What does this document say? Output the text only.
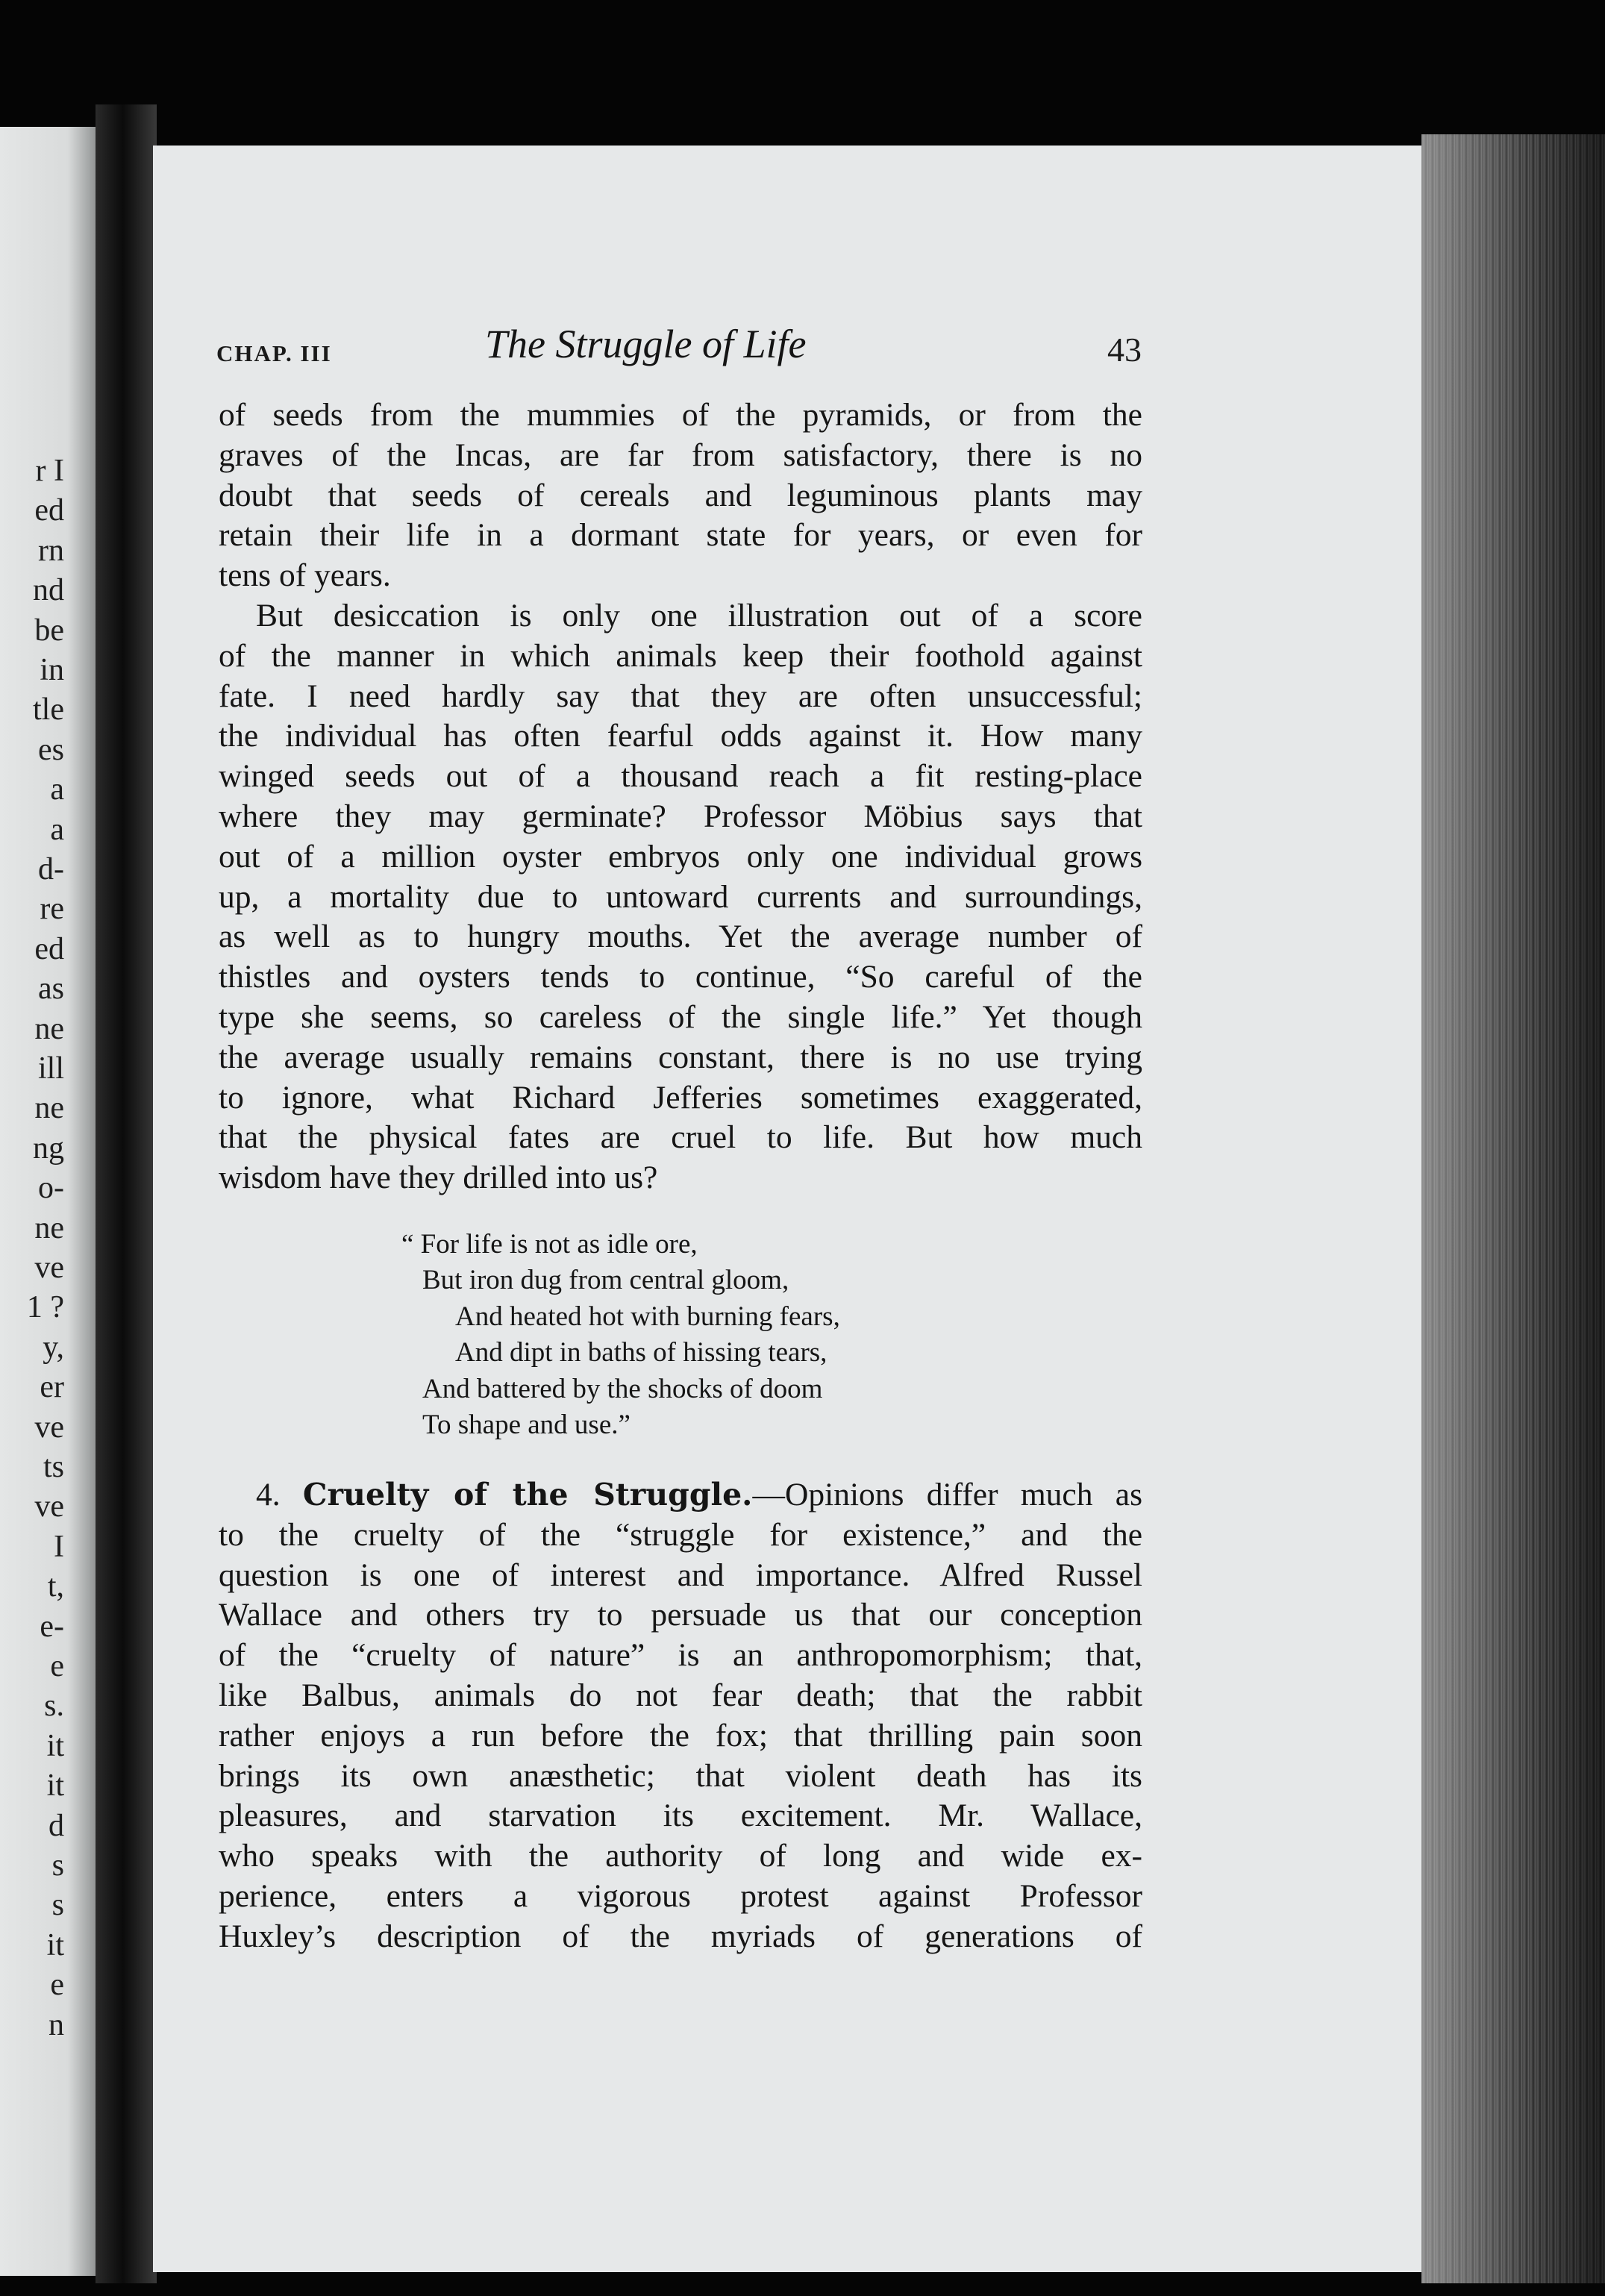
r I
ed
rn
nd
be
in
tle
es
a
a
d-
re
ed
as
ne
ill
ne
ng
o-
ne
ve
1 ?
y,
er
ve
ts
ve
I
t,
e-
e
s.
it
it
d
s
s
it
e
n
CHAP. III	The Struggle of Life	43
of seeds from the mummies of the pyramids, or from the
graves of the Incas, are far from satisfactory, there is no
doubt that seeds of cereals and leguminous plants may
retain their life in a dormant state for years, or even for
tens of years.
But desiccation is only one illustration out of a score
of the manner in which animals keep their foothold against
fate. I need hardly say that they are often unsuccessful;
the individual has often fearful odds against it. How many
winged seeds out of a thousand reach a fit resting-place
where they may germinate? Professor Möbius says that
out of a million oyster embryos only one individual grows
up, a mortality due to untoward currents and surroundings,
as well as to hungry mouths. Yet the average number of
thistles and oysters tends to continue, “So careful of the
type she seems, so careless of the single life.” Yet though
the average usually remains constant, there is no use trying
to ignore, what Richard Jefferies sometimes exaggerated,
that the physical fates are cruel to life. But how much
wisdom have they drilled into us?
“ For life is not as idle ore,
But iron dug from central gloom,
And heated hot with burning fears,
And dipt in baths of hissing tears,
And battered by the shocks of doom
To shape and use.”
4. Cruelty of the Struggle.—Opinions differ much as
to the cruelty of the “struggle for existence,” and the
question is one of interest and importance. Alfred Russel
Wallace and others try to persuade us that our conception
of the “cruelty of nature” is an anthropomorphism; that,
like Balbus, animals do not fear death; that the rabbit
rather enjoys a run before the fox; that thrilling pain soon
brings its own anæsthetic; that violent death has its
pleasures, and starvation its excitement. Mr. Wallace,
who speaks with the authority of long and wide ex-
perience, enters a vigorous protest against Professor
Huxley’s description of the myriads of generations of
